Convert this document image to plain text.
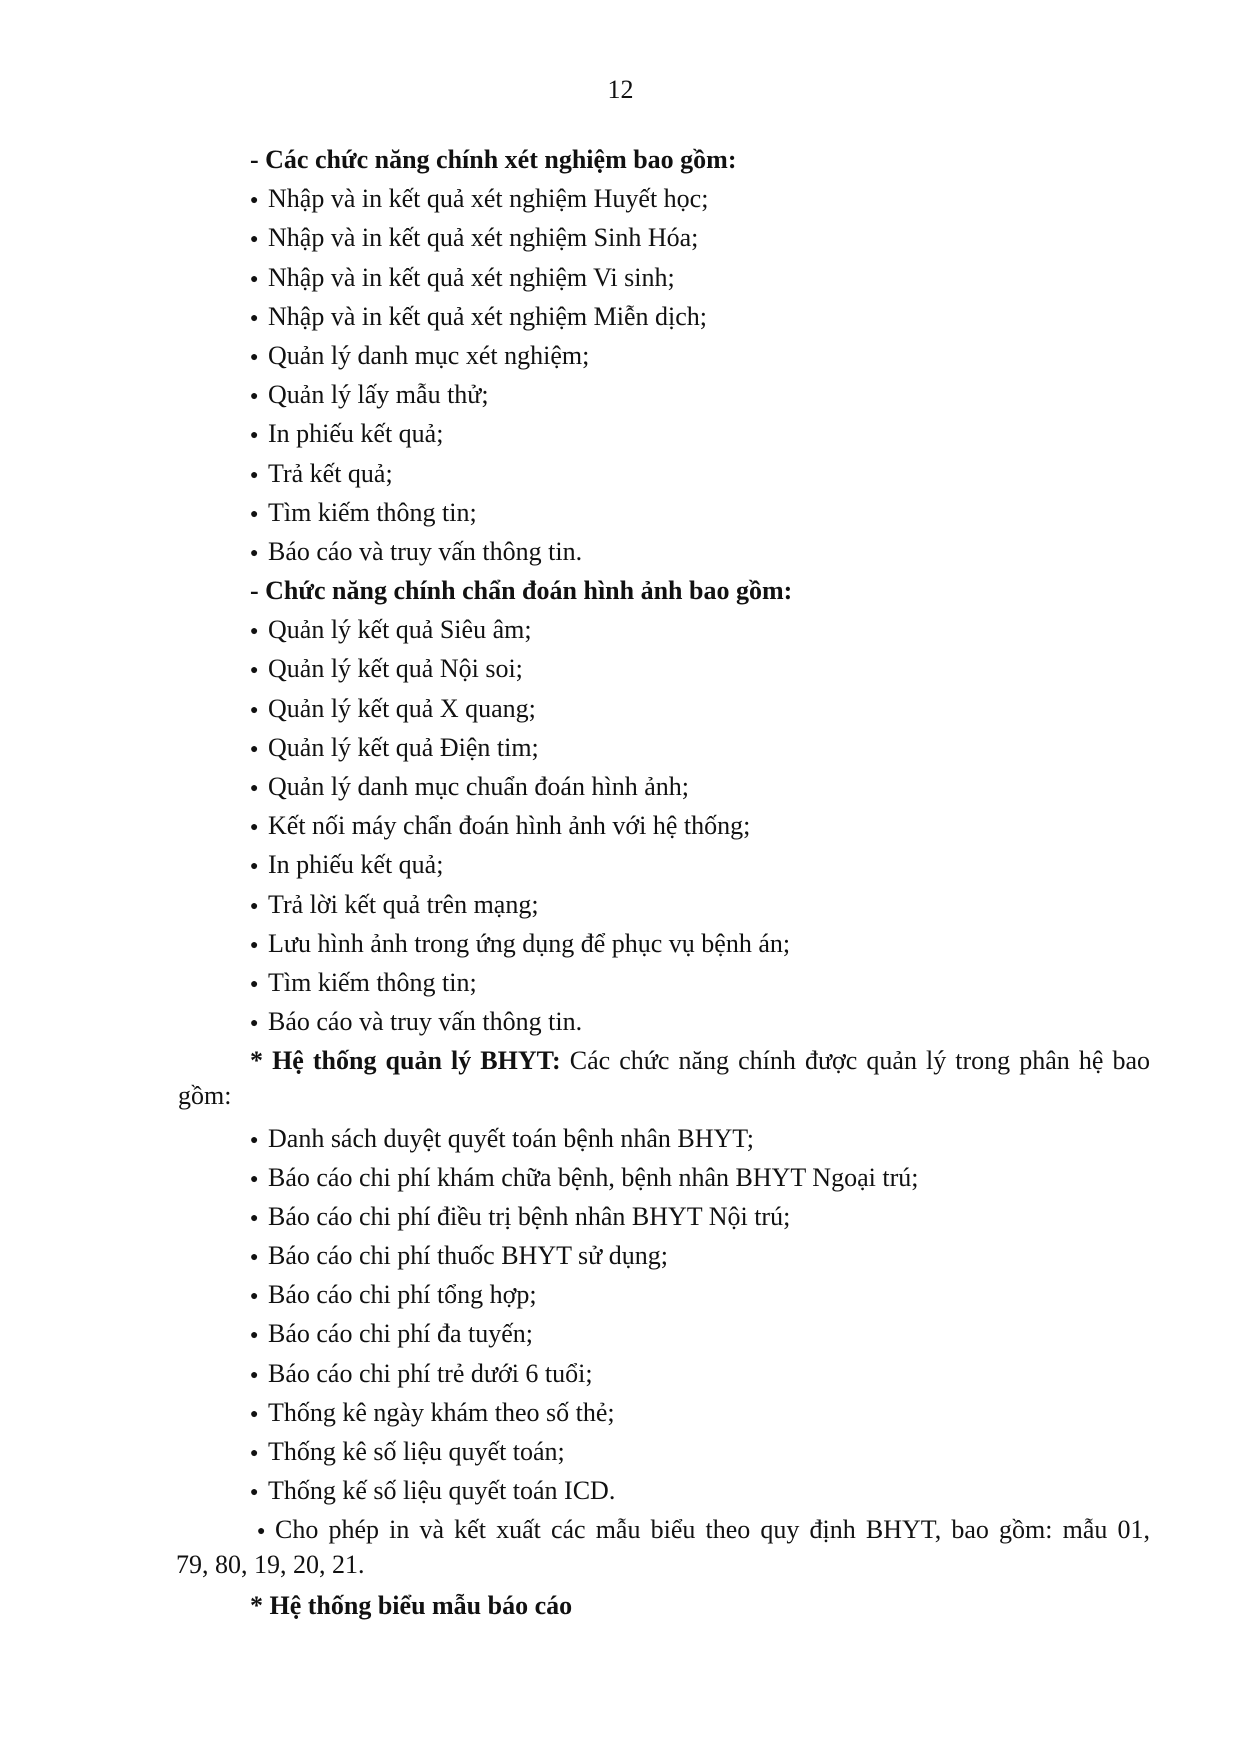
12
- Các chức năng chính xét nghiệm bao gồm:
● Nhập và in kết quả xét nghiệm Huyết học;
● Nhập và in kết quả xét nghiệm Sinh Hóa;
● Nhập và in kết quả xét nghiệm Vi sinh;
● Nhập và in kết quả xét nghiệm Miễn dịch;
● Quản lý danh mục xét nghiệm;
● Quản lý lấy mẫu thử;
● In phiếu kết quả;
● Trả kết quả;
● Tìm kiếm thông tin;
● Báo cáo và truy vấn thông tin.
- Chức năng chính chẩn đoán hình ảnh bao gồm:
● Quản lý kết quả Siêu âm;
● Quản lý kết quả Nội soi;
● Quản lý kết quả X quang;
● Quản lý kết quả Điện tim;
● Quản lý danh mục chuẩn đoán hình ảnh;
● Kết nối máy chẩn đoán hình ảnh với hệ thống;
● In phiếu kết quả;
● Trả lời kết quả trên mạng;
● Lưu hình ảnh trong ứng dụng để phục vụ bệnh án;
● Tìm kiếm thông tin;
● Báo cáo và truy vấn thông tin.
* Hệ thống quản lý BHYT: Các chức năng chính được quản lý trong phân hệ bao
gồm:
● Danh sách duyệt quyết toán bệnh nhân BHYT;
● Báo cáo chi phí khám chữa bệnh, bệnh nhân BHYT Ngoại trú;
● Báo cáo chi phí điều trị bệnh nhân BHYT Nội trú;
● Báo cáo chi phí thuốc BHYT sử dụng;
● Báo cáo chi phí tổng hợp;
● Báo cáo chi phí đa tuyến;
● Báo cáo chi phí trẻ dưới 6 tuổi;
● Thống kê ngày khám theo số thẻ;
● Thống kê số liệu quyết toán;
● Thống kế số liệu quyết toán ICD.
● Cho phép in và kết xuất các mẫu biểu theo quy định BHYT, bao gồm: mẫu 01,
79, 80, 19, 20, 21.
* Hệ thống biểu mẫu báo cáo
